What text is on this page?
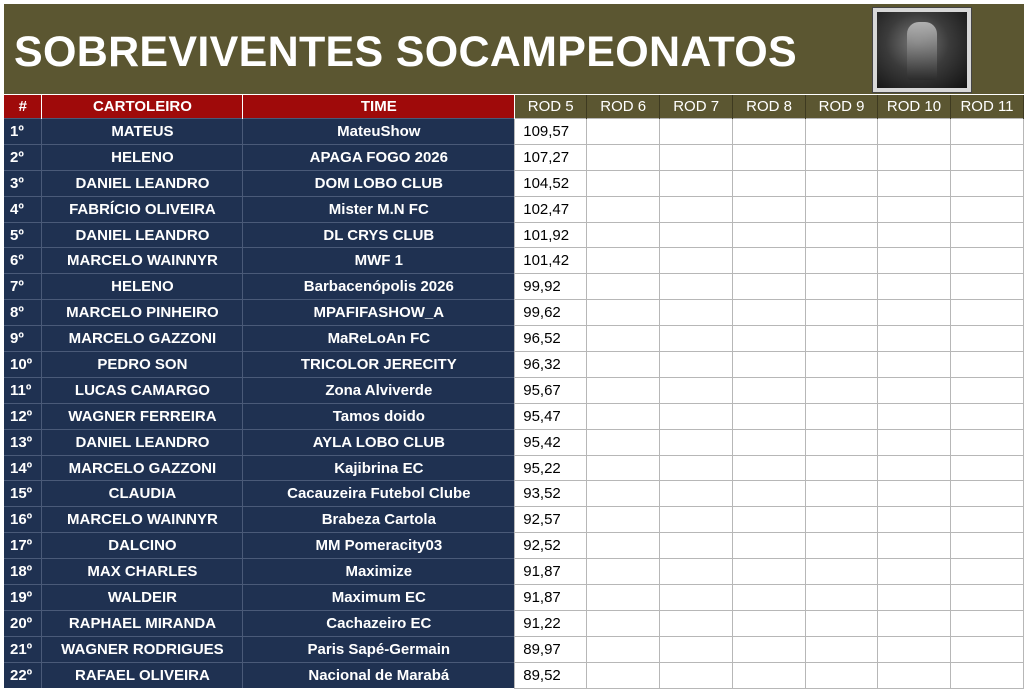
SOBREVIVENTES SOCAMPEONATOS
#	CARTOLEIRO	TIME	ROD 5	ROD 6	ROD 7	ROD 8	ROD 9	ROD 10	ROD 11
1º	MATEUS	MateuShow	109,57						
2º	HELENO	APAGA FOGO 2026	107,27						
3º	DANIEL LEANDRO	DOM LOBO CLUB	104,52						
4º	FABRÍCIO OLIVEIRA	Mister M.N FC	102,47						
5º	DANIEL LEANDRO	DL CRYS CLUB	101,92						
6º	MARCELO WAINNYR	MWF 1	101,42						
7º	HELENO	Barbacenópolis 2026	99,92						
8º	MARCELO PINHEIRO	MPAFIFASHOW_A	99,62						
9º	MARCELO GAZZONI	MaReLoAn FC	96,52						
10º	PEDRO SON	TRICOLOR JERECITY	96,32						
11º	LUCAS CAMARGO	Zona Alviverde	95,67						
12º	WAGNER FERREIRA	Tamos doido	95,47						
13º	DANIEL LEANDRO	AYLA LOBO CLUB	95,42						
14º	MARCELO GAZZONI	Kajibrina EC	95,22						
15º	CLAUDIA	Cacauzeira Futebol Clube	93,52						
16º	MARCELO WAINNYR	Brabeza Cartola	92,57						
17º	DALCINO	MM Pomeracity03	92,52						
18º	MAX CHARLES	Maximize	91,87						
19º	WALDEIR	Maximum EC	91,87						
20º	RAPHAEL MIRANDA	Cachazeiro EC	91,22						
21º	WAGNER RODRIGUES	Paris Sapé-Germain	89,97						
22º	RAFAEL OLIVEIRA	Nacional de Marabá	89,52						
